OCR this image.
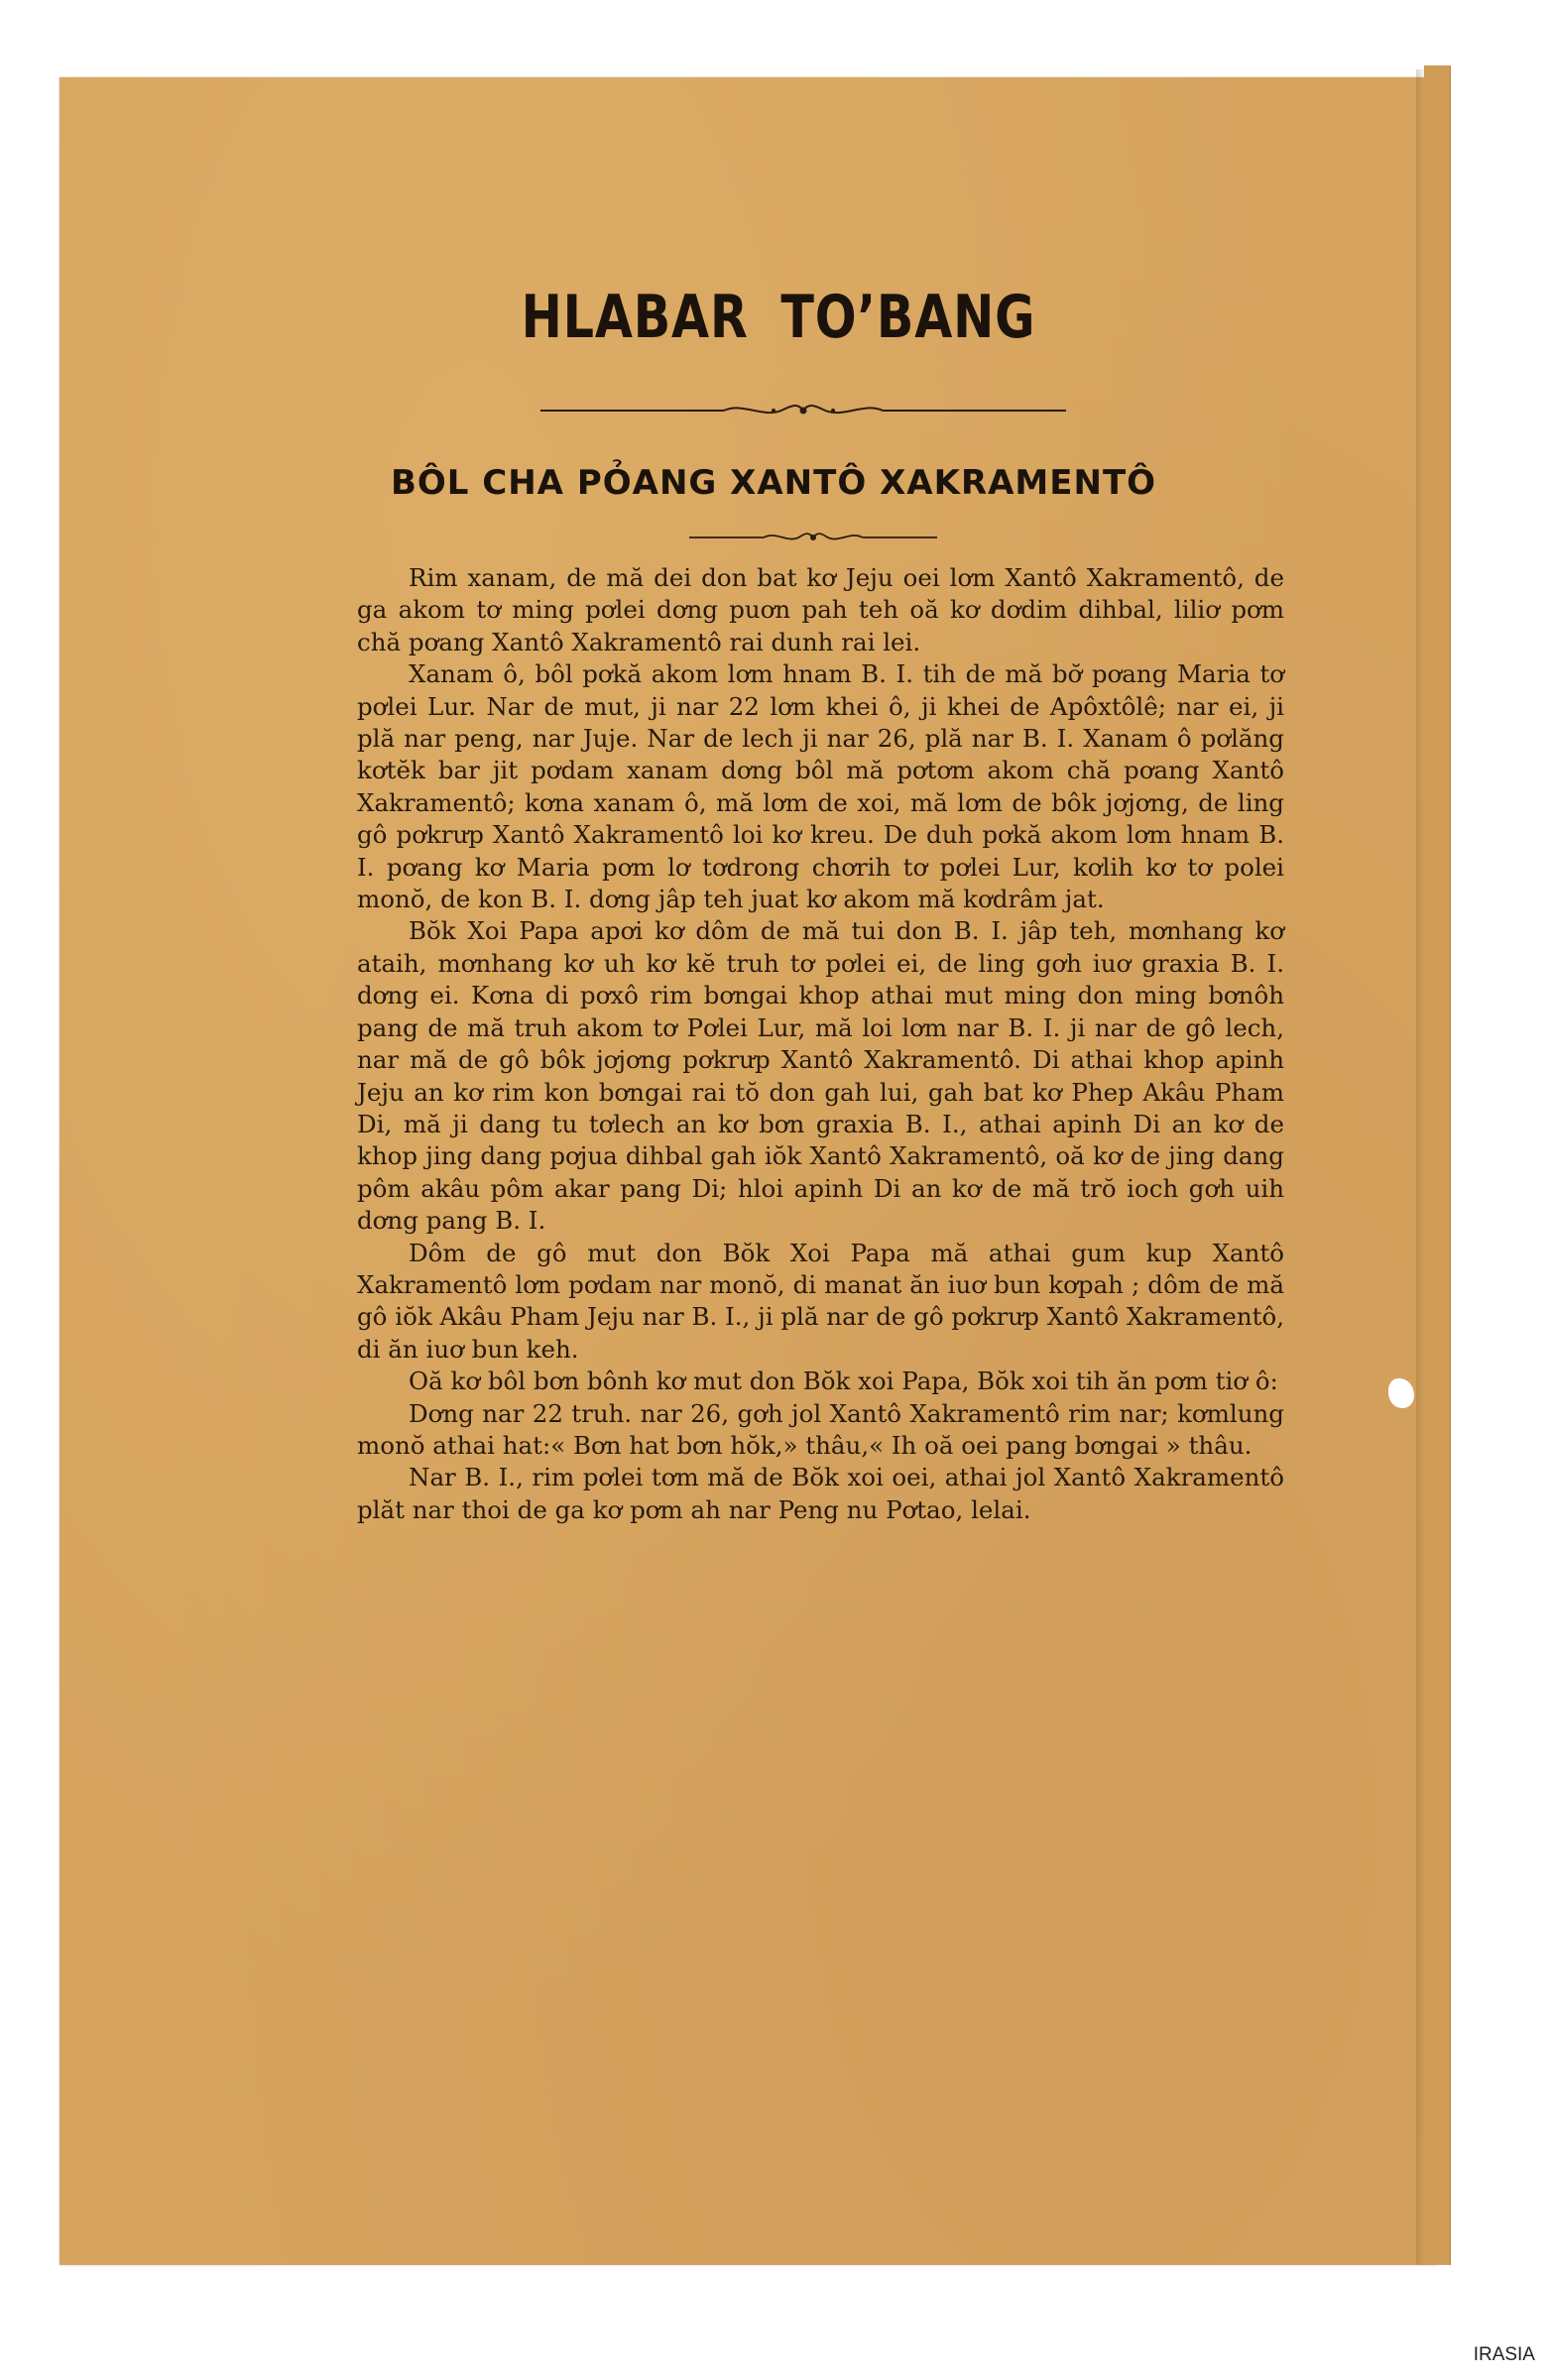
HLABAR TO’BANG
BÔL CHA PỎANG XANTÔ XAKRAMENTÔ

Rim xanam, de mă dei don bat kơ Jeju oei lơm Xantô Xakramentô, de ga akom tơ ming pơlei dơng puơn pah teh oă kơ dơdim dihbal, liliơ pơm chă pơang Xantô Xakramentô rai dunh rai lei.

Xanam ô, bôl pơkă akom lơm hnam B. I. tih de mă bơ̆ pơang Maria tơ pơlei Lur. Nar de mut, ji nar 22 lơm khei ô, ji khei de Apôxtôlê; nar ei, ji plă nar peng, nar Juje. Nar de lech ji nar 26, plă nar B. I. Xanam ô pơlăng kơtĕk bar jit pơdam xanam dơng bôl mă pơtơm akom chă pơang Xantô Xakramentô; kơna xanam ô, mă lơm de xoi, mă lơm de bôk jơjơng, de ling gô pơkrưp Xantô Xakramentô loi kơ kreu. De duh pơkă akom lơm hnam B. I. pơang kơ Maria pơm lơ tơdrong chơrih tơ pơlei Lur, kơlih kơ tơ polei monŏ, de kon B. I. dơng jâp teh juat kơ akom mă kơdrâm jat.

Bŏk Xoi Papa apơi kơ dôm de mă tui don B. I. jâp teh, mơnhang kơ ataih, mơnhang kơ uh kơ kĕ truh tơ pơlei ei, de ling gơh iuơ graxia B. I. dơng ei. Kơna di pơxô rim bơngai khop athai mut ming don ming bơnôh pang de mă truh akom tơ Pơlei Lur, mă loi lơm nar B. I. ji nar de gô lech, nar mă de gô bôk jơjơng pơkrưp Xantô Xakramentô. Di athai khop apinh Jeju an kơ rim kon bơngai rai tŏ don gah lui, gah bat kơ Phep Akâu Pham Di, mă ji dang tu tơlech an kơ bơn graxia B. I., athai apinh Di an kơ de khop jing dang pơjua dihbal gah iŏk Xantô Xakramentô, oă kơ de jing dang pôm akâu pôm akar pang Di; hloi apinh Di an kơ de mă trŏ ioch gơh uih dơng pang B. I.

Dôm de gô mut don Bŏk Xoi Papa mă athai gum kup Xantô Xakramentô lơm pơdam nar monŏ, di manat ăn iuơ bun kơpah ; dôm de mă gô iŏk Akâu Pham Jeju nar B. I., ji plă nar de gô pơkrưp Xantô Xakramentô, di ăn iuơ bun keh.

Oă kơ bôl bơn bônh kơ mut don Bŏk xoi Papa, Bŏk xoi tih ăn pơm tiơ ô:

Dơng nar 22 truh. nar 26, gơh jol Xantô Xakramentô rim nar; kơmlung monŏ athai hat:« Bơn hat bơn hŏk,» thâu,« Ih oă oei pang bơngai » thâu.

Nar B. I., rim pơlei tơm mă de Bŏk xoi oei, athai jol Xantô Xakramentô plăt nar thoi de ga kơ pơm ah nar Peng nu Pơtao, lelai.

IRASIA
